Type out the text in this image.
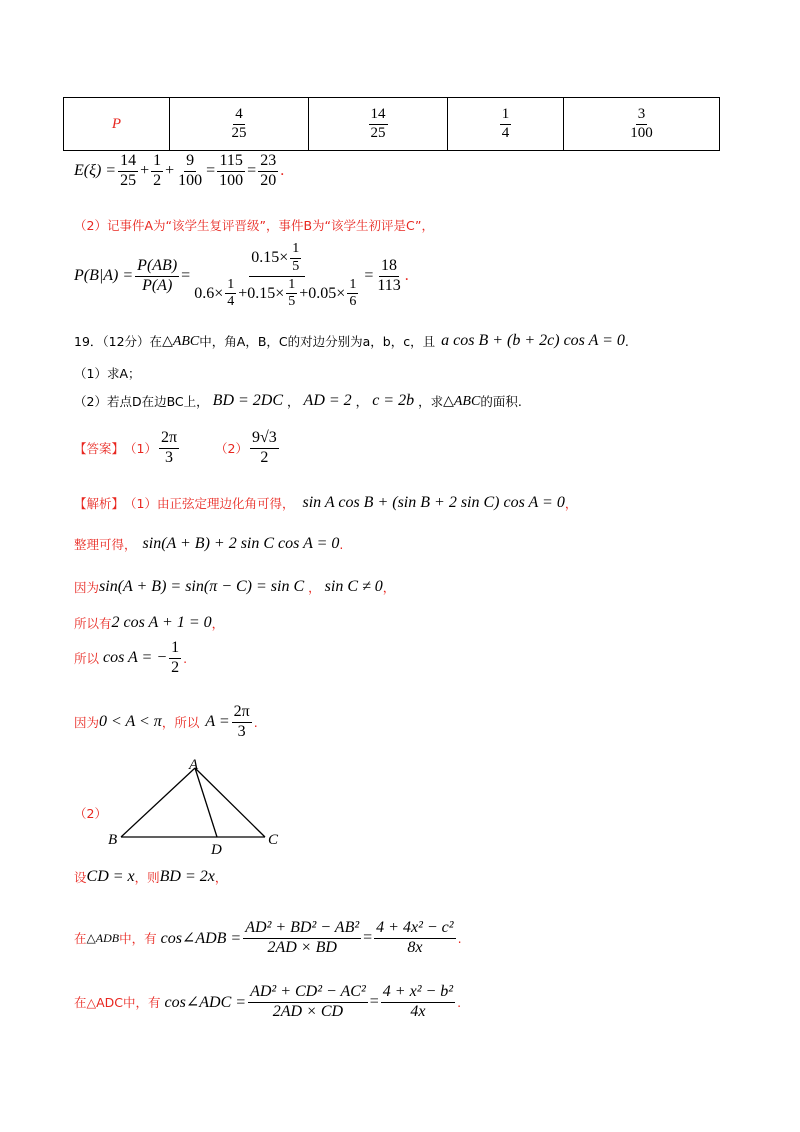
P	$\frac{4}{25}$	$\frac{14}{25}$	$\frac{1}{4}$	$\frac{3}{100}$
$E(\xi) = \frac{14}{25} + \frac{1}{2} + \frac{9}{100} = \frac{115}{100} = \frac{23}{20}$ .
（2）记事件A为“该学生复评晋级”，事件B为“该学生初评是C”，
$P(B|A) = \frac{P(AB)}{P(A)} = \frac{0.15\times \frac{1}{5}}{0.6\times \frac{1}{4} +0.15\times \frac{1}{5} +0.05\times \frac{1}{6}} = \frac{18}{113}$ .
19．（12分）在 △ABC 中，角A，B，C的对边分别为a，b，c，且 a cos B + (b + 2c) cos A = 0 .
（1）求A；
（2）若点D在边BC上， BD = 2DC ， AD = 2 ， c = 2b ，求 △ABC 的面积.
【答案】 $(1) \frac{2\pi}{3}$	$(2) \frac{9√3}{2}$
【解析】 （1）由正弦定理边化角可得， sin A cos B + (sin B + 2 sin C) cos A = 0 ，
整理可得， sin(A + B) + 2 sin C cos A = 0 .
因为 sin(A + B) = sin(π − C) = sin C ， sin C ≠ 0 ，
所以有 2 cos A + 1 = 0 ，
所以 cos A = − $\frac{1}{2}$ .
因为 0 < A < π ，所以 $A = \frac{2\pi}{3}$ .
（2）
A
B	C
D
设 CD = x ，则 BD = 2x ，
在 △ADB 中，有 cos∠ADB = $\frac{\text{AD² + BD² − AB²}}{2AD \times BD} = \frac{\text{4 + 4x² − c²}}{8x}$ .
在△ADC中，有 cos∠ADC = $\frac{\text{AD² + CD² − AC²}}{2AD \times CD} = \frac{\text{4 + x² − b²}}{4x}$ .
